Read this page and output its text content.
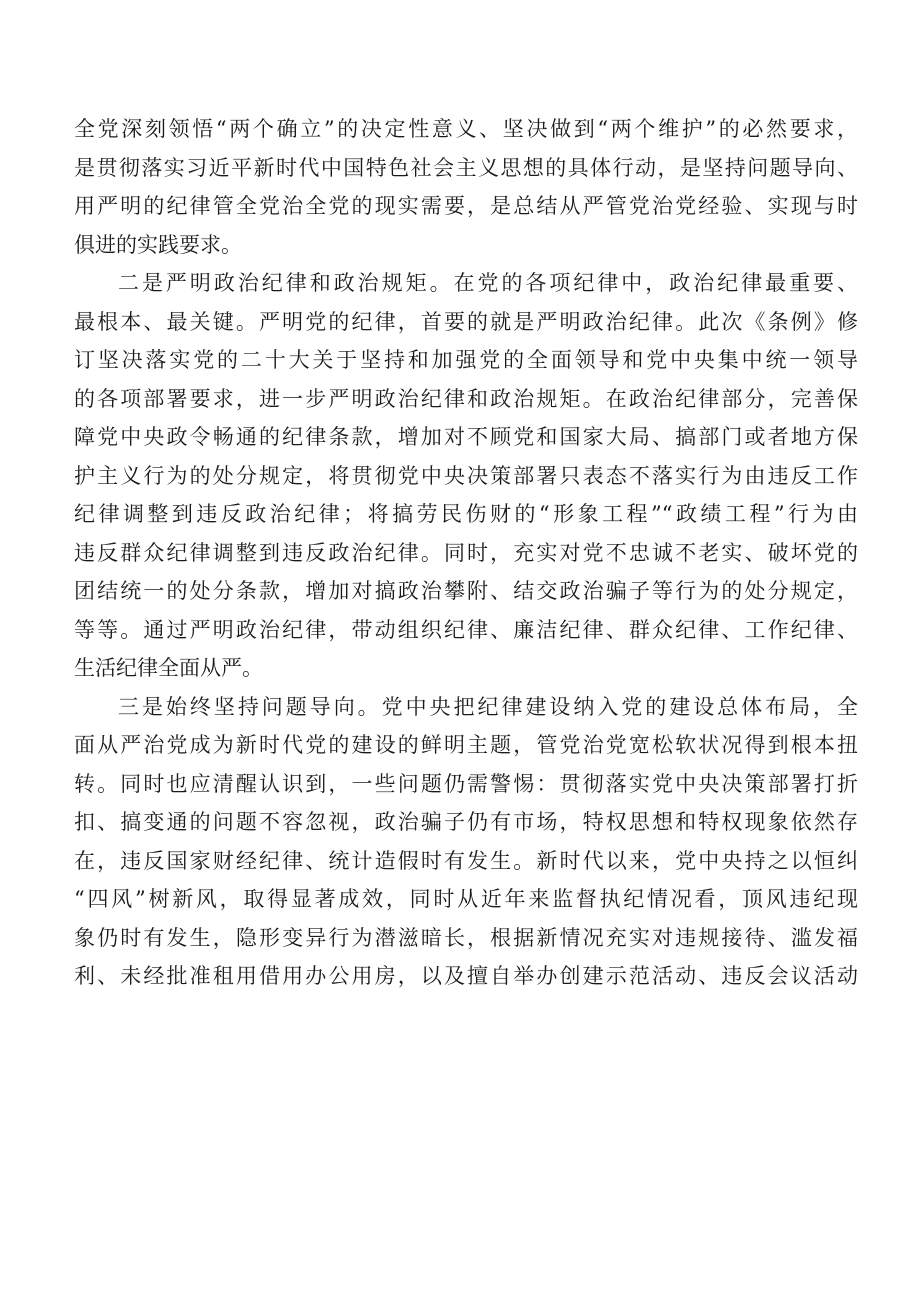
全党深刻领悟“两个确立”的决定性意义、坚决做到“两个维护”的必然要求，
是贯彻落实习近平新时代中国特色社会主义思想的具体行动，是坚持问题导向、
用严明的纪律管全党治全党的现实需要，是总结从严管党治党经验、实现与时
俱进的实践要求。

二是严明政治纪律和政治规矩。在党的各项纪律中，政治纪律最重要、
最根本、最关键。严明党的纪律，首要的就是严明政治纪律。此次《条例》修
订坚决落实党的二十大关于坚持和加强党的全面领导和党中央集中统一领导
的各项部署要求，进一步严明政治纪律和政治规矩。在政治纪律部分，完善保
障党中央政令畅通的纪律条款，增加对不顾党和国家大局、搞部门或者地方保
护主义行为的处分规定，将贯彻党中央决策部署只表态不落实行为由违反工作
纪律调整到违反政治纪律；将搞劳民伤财的“形象工程”“政绩工程”行为由
违反群众纪律调整到违反政治纪律。同时，充实对党不忠诚不老实、破坏党的
团结统一的处分条款，增加对搞政治攀附、结交政治骗子等行为的处分规定，
等等。通过严明政治纪律，带动组织纪律、廉洁纪律、群众纪律、工作纪律、
生活纪律全面从严。

三是始终坚持问题导向。党中央把纪律建设纳入党的建设总体布局，全
面从严治党成为新时代党的建设的鲜明主题，管党治党宽松软状况得到根本扭
转。同时也应清醒认识到，一些问题仍需警惕：贯彻落实党中央决策部署打折
扣、搞变通的问题不容忽视，政治骗子仍有市场，特权思想和特权现象依然存
在，违反国家财经纪律、统计造假时有发生。新时代以来，党中央持之以恒纠
“四风”树新风，取得显著成效，同时从近年来监督执纪情况看，顶风违纪现
象仍时有发生，隐形变异行为潜滋暗长，根据新情况充实对违规接待、滥发福
利、未经批准租用借用办公用房，以及擅自举办创建示范活动、违反会议活动
